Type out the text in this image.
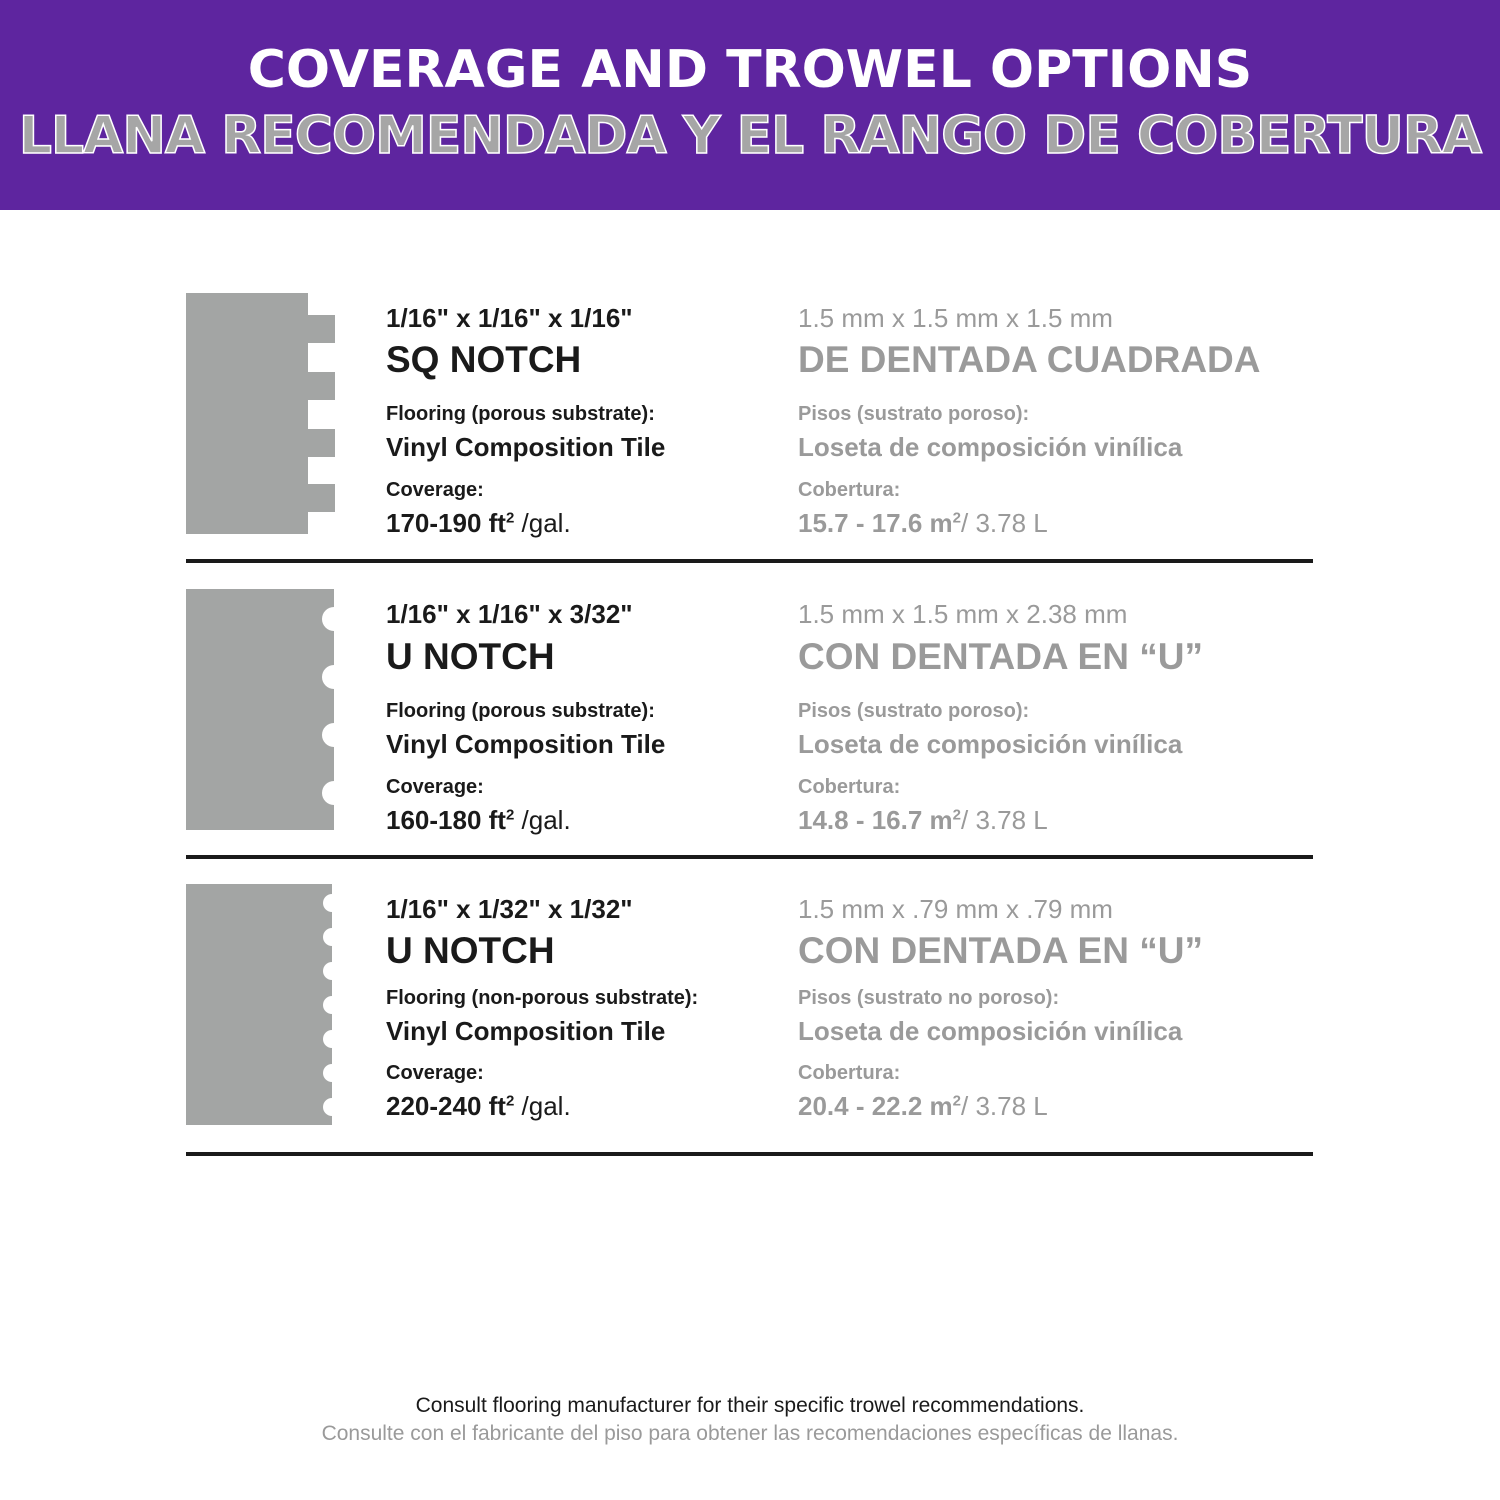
COVERAGE AND TROWEL OPTIONS
LLANA RECOMENDADA Y EL RANGO DE COBERTURA
1/16" x 1/16" x 1/16"
SQ NOTCH
Flooring (porous substrate):
Vinyl Composition Tile
Coverage:
170-190 $ft^2$ /gal.
1.5 mm x 1.5 mm x 1.5 mm
DE DENTADA CUADRADA
Pisos (sustrato poroso):
Loseta de composición vinílica
Cobertura:
15.7 - 17.6 $m^2/$ 3.78 L
1/16" x 1/16" x 3/32"
U NOTCH
Flooring (porous substrate):
Vinyl Composition Tile
Coverage:
160-180 $ft^2$ /gal.
1.5 mm x 1.5 mm x 2.38 mm
CON DENTADA EN “U”
Pisos (sustrato poroso):
Loseta de composición vinílica
Cobertura:
14.8 - 16.7 $m^2/$ 3.78 L
1/16" x 1/32" x 1/32"
U NOTCH
Flooring (non-porous substrate):
Vinyl Composition Tile
Coverage:
220-240 $ft^2$ /gal.
1.5 mm x .79 mm x .79 mm
CON DENTADA EN “U”
Pisos (sustrato no poroso):
Loseta de composición vinílica
Cobertura:
20.4 - 22.2 $m^2/$ 3.78 L
Consult flooring manufacturer for their specific trowel recommendations.
Consulte con el fabricante del piso para obtener las recomendaciones específicas de llanas.
